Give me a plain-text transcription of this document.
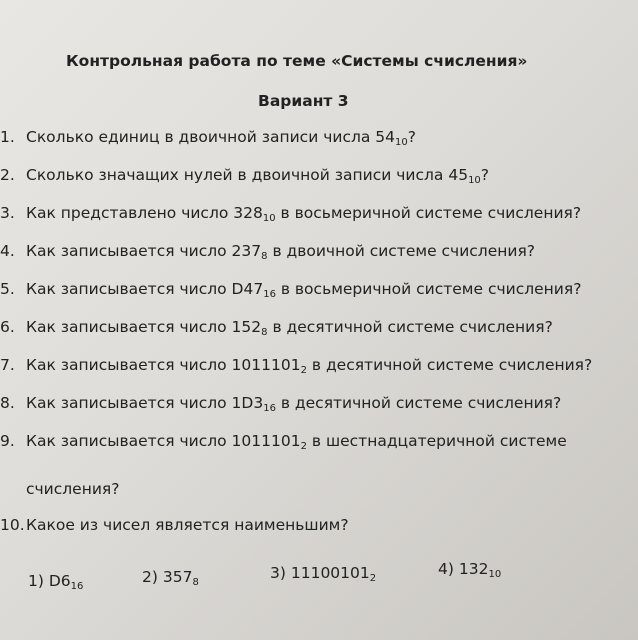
Контрольная работа по теме «Системы счисления»
Вариант 3
1. Сколько единиц в двоичной записи числа $54_{10}$?
2. Сколько значащих нулей в двоичной записи числа $45_{10}$?
3. Как представлено число $328_{10}$ в восьмеричной системе счисления?
4. Как записывается число $237_8$ в двоичной системе счисления?
5. Как записывается число $D47_{16}$ в восьмеричной системе счисления?
6. Как записывается число $152_8$ в десятичной системе счисления?
7. Как записывается число $1011101_2$ в десятичной системе счисления?
8. Как записывается число $1D3_{16}$ в десятичной системе счисления?
9. Как записывается число $1011101_2$ в шестнадцатеричной системе
счисления?
10.Какое из чисел является наименьшим?
1) $D6_{16}$
2) $357_8$
3) $11100101_2$
4) $132_{10}$
